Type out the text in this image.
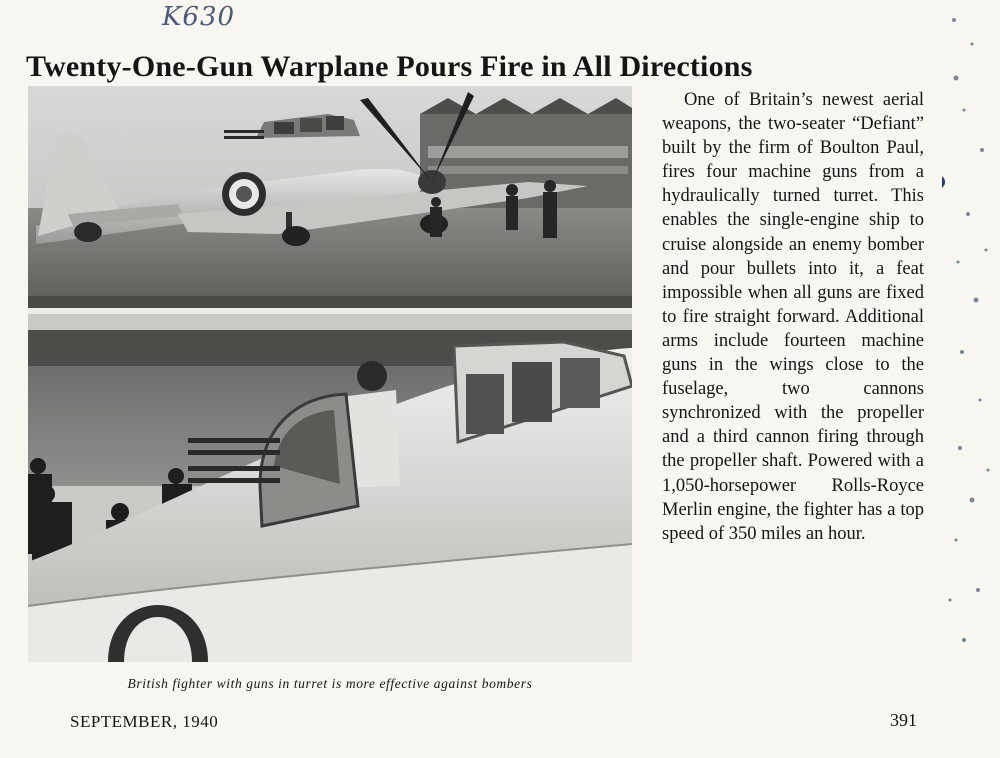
K630
Twenty-One-Gun Warplane Pours Fire in All Directions
British fighter with guns in turret is more effective against bombers

One of Britain’s newest aerial weapons, the two-seater “Defiant” built by the firm of Boulton Paul, fires four machine guns from a hydraulically turned turret. This enables the single-engine ship to cruise alongside an enemy bomber and pour bullets into it, a feat impossible when all guns are fixed to fire straight forward. Additional arms include fourteen machine guns in the wings close to the fuselage, two cannons synchronized with the propeller and a third cannon firing through the propeller shaft. Powered with a 1,050-horsepower Rolls-Royce Merlin engine, the fighter has a top speed of 350 miles an hour.

SEPTEMBER, 1940	391
